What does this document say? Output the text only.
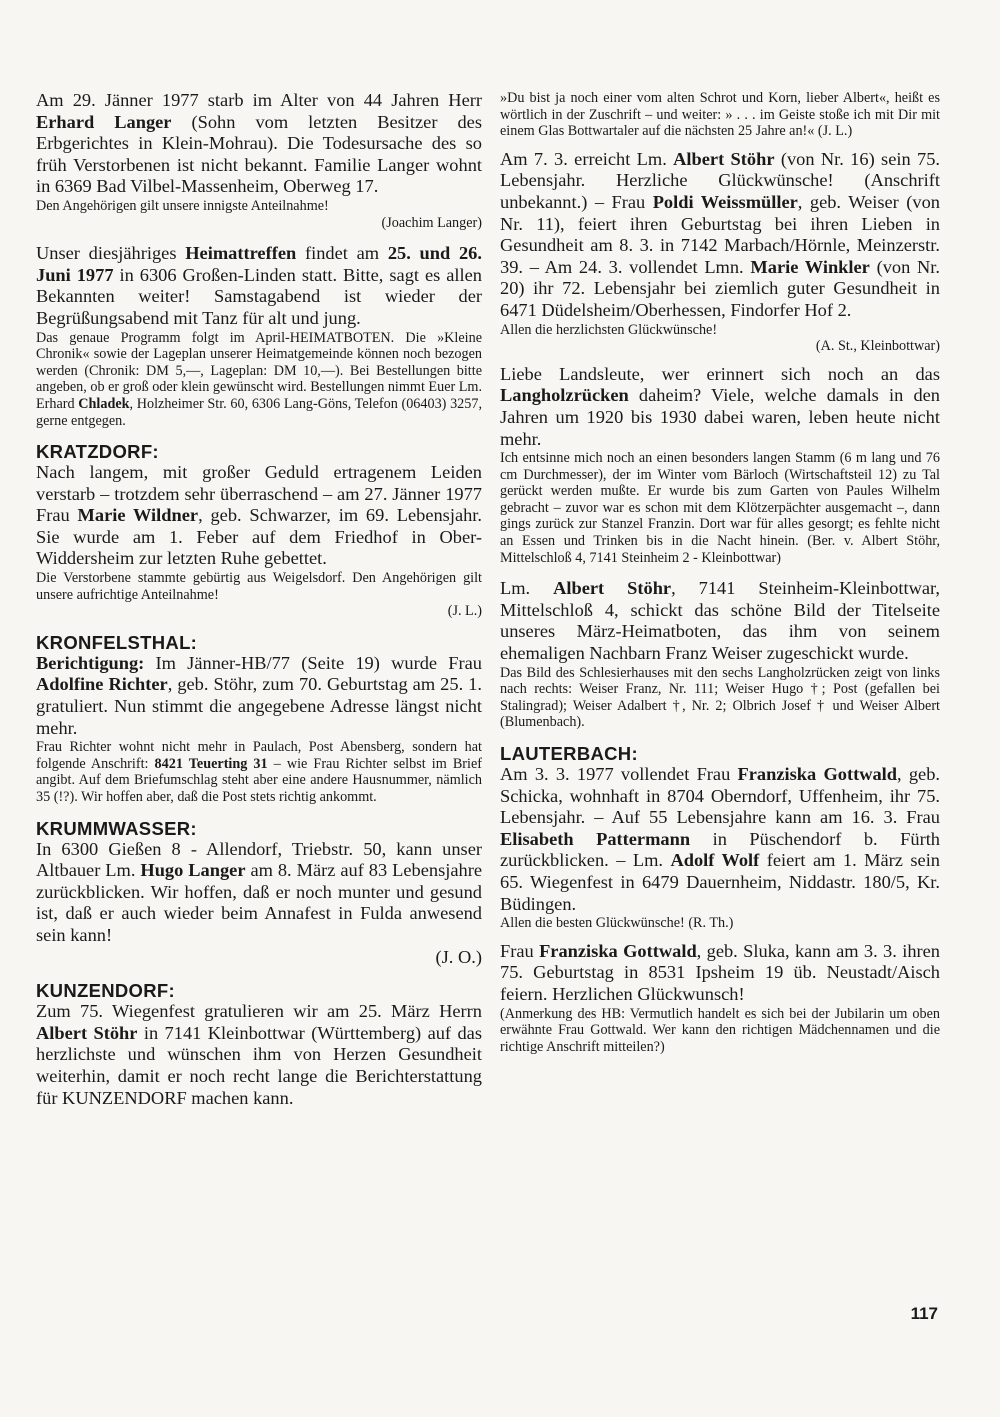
Am 29. Jänner 1977 starb im Alter von 44 Jahren Herr Erhard Langer (Sohn vom letzten Besitzer des Erbgerichtes in Klein-Mohrau). Die Todesursache des so früh Verstorbenen ist nicht bekannt. Familie Langer wohnt in 6369 Bad Vilbel-Massenheim, Oberweg 17.

Den Angehörigen gilt unsere innigste Anteilnahme!

(Joachim Langer)

Unser diesjähriges Heimattreffen findet am 25. und 26. Juni 1977 in 6306 Großen-Linden statt. Bitte, sagt es allen Bekannten weiter! Samstagabend ist wieder der Begrüßungsabend mit Tanz für alt und jung.

Das genaue Programm folgt im April-HEIMATBOTEN. Die »Kleine Chronik« sowie der Lageplan unserer Heimatgemeinde können noch bezogen werden (Chronik: DM 5,—, Lageplan: DM 10,—). Bei Bestellungen bitte angeben, ob er groß oder klein gewünscht wird. Bestellungen nimmt Euer Lm. Erhard Chladek, Holzheimer Str. 60, 6306 Lang-Göns, Telefon (06403) 3257, gerne entgegen.

KRATZDORF:

Nach langem, mit großer Geduld ertragenem Leiden verstarb – trotzdem sehr überraschend – am 27. Jänner 1977 Frau Marie Wildner, geb. Schwarzer, im 69. Lebensjahr. Sie wurde am 1. Feber auf dem Friedhof in Ober-Widdersheim zur letzten Ruhe gebettet.

Die Verstorbene stammte gebürtig aus Weigelsdorf. Den Angehörigen gilt unsere aufrichtige Anteilnahme!

(J. L.)

KRONFELSTHAL:

Berichtigung: Im Jänner-HB/77 (Seite 19) wurde Frau Adolfine Richter, geb. Stöhr, zum 70. Geburtstag am 25. 1. gratuliert. Nun stimmt die angegebene Adresse längst nicht mehr.

Frau Richter wohnt nicht mehr in Paulach, Post Abensberg, sondern hat folgende Anschrift: 8421 Teuerting 31 – wie Frau Richter selbst im Brief angibt. Auf dem Briefumschlag steht aber eine andere Hausnummer, nämlich 35 (!?). Wir hoffen aber, daß die Post stets richtig ankommt.

KRUMMWASSER:

In 6300 Gießen 8 - Allendorf, Triebstr. 50, kann unser Altbauer Lm. Hugo Langer am 8. März auf 83 Lebensjahre zurückblicken. Wir hoffen, daß er noch munter und gesund ist, daß er auch wieder beim Annafest in Fulda anwesend sein kann!

(J. O.)

KUNZENDORF:

Zum 75. Wiegenfest gratulieren wir am 25. März Herrn Albert Stöhr in 7141 Kleinbottwar (Württemberg) auf das herzlichste und wünschen ihm von Herzen Gesundheit weiterhin, damit er noch recht lange die Berichterstattung für KUNZENDORF machen kann.

»Du bist ja noch einer vom alten Schrot und Korn, lieber Albert«, heißt es wörtlich in der Zuschrift – und weiter: » . . . im Geiste stoße ich mit Dir mit einem Glas Bottwartaler auf die nächsten 25 Jahre an!« (J. L.)

Am 7. 3. erreicht Lm. Albert Stöhr (von Nr. 16) sein 75. Lebensjahr. Herzliche Glückwünsche! (Anschrift unbekannt.) – Frau Poldi Weissmüller, geb. Weiser (von Nr. 11), feiert ihren Geburtstag bei ihren Lieben in Gesundheit am 8. 3. in 7142 Marbach/Hörnle, Meinzerstr. 39. – Am 24. 3. vollendet Lmn. Marie Winkler (von Nr. 20) ihr 72. Lebensjahr bei ziemlich guter Gesundheit in 6471 Düdelsheim/Oberhessen, Findorfer Hof 2.

Allen die herzlichsten Glückwünsche!

(A. St., Kleinbottwar)

Liebe Landsleute, wer erinnert sich noch an das Langholzrücken daheim? Viele, welche damals in den Jahren um 1920 bis 1930 dabei waren, leben heute nicht mehr.

Ich entsinne mich noch an einen besonders langen Stamm (6 m lang und 76 cm Durchmesser), der im Winter vom Bärloch (Wirtschaftsteil 12) zu Tal gerückt werden mußte. Er wurde bis zum Garten von Paules Wilhelm gebracht – zuvor war es schon mit dem Klötzerpächter ausgemacht –, dann gings zurück zur Stanzel Franzin. Dort war für alles gesorgt; es fehlte nicht an Essen und Trinken bis in die Nacht hinein. (Ber. v. Albert Stöhr, Mittelschloß 4, 7141 Steinheim 2 - Kleinbottwar)

Lm. Albert Stöhr, 7141 Steinheim-Kleinbottwar, Mittelschloß 4, schickt das schöne Bild der Titelseite unseres März-Heimatboten, das ihm von seinem ehemaligen Nachbarn Franz Weiser zugeschickt wurde.

Das Bild des Schlesierhauses mit den sechs Langholzrücken zeigt von links nach rechts: Weiser Franz, Nr. 111; Weiser Hugo †; Post (gefallen bei Stalingrad); Weiser Adalbert †, Nr. 2; Olbrich Josef † und Weiser Albert (Blumenbach).

LAUTERBACH:

Am 3. 3. 1977 vollendet Frau Franziska Gottwald, geb. Schicka, wohnhaft in 8704 Oberndorf, Uffenheim, ihr 75. Lebensjahr. – Auf 55 Lebensjahre kann am 16. 3. Frau Elisabeth Pattermann in Püschendorf b. Fürth zurückblicken. – Lm. Adolf Wolf feiert am 1. März sein 65. Wiegenfest in 6479 Dauernheim, Niddastr. 180/5, Kr. Büdingen.

Allen die besten Glückwünsche! (R. Th.)

Frau Franziska Gottwald, geb. Sluka, kann am 3. 3. ihren 75. Geburtstag in 8531 Ipsheim 19 üb. Neustadt/Aisch feiern. Herzlichen Glückwunsch!

(Anmerkung des HB: Vermutlich handelt es sich bei der Jubilarin um oben erwähnte Frau Gottwald. Wer kann den richtigen Mädchennamen und die richtige Anschrift mitteilen?)

117
